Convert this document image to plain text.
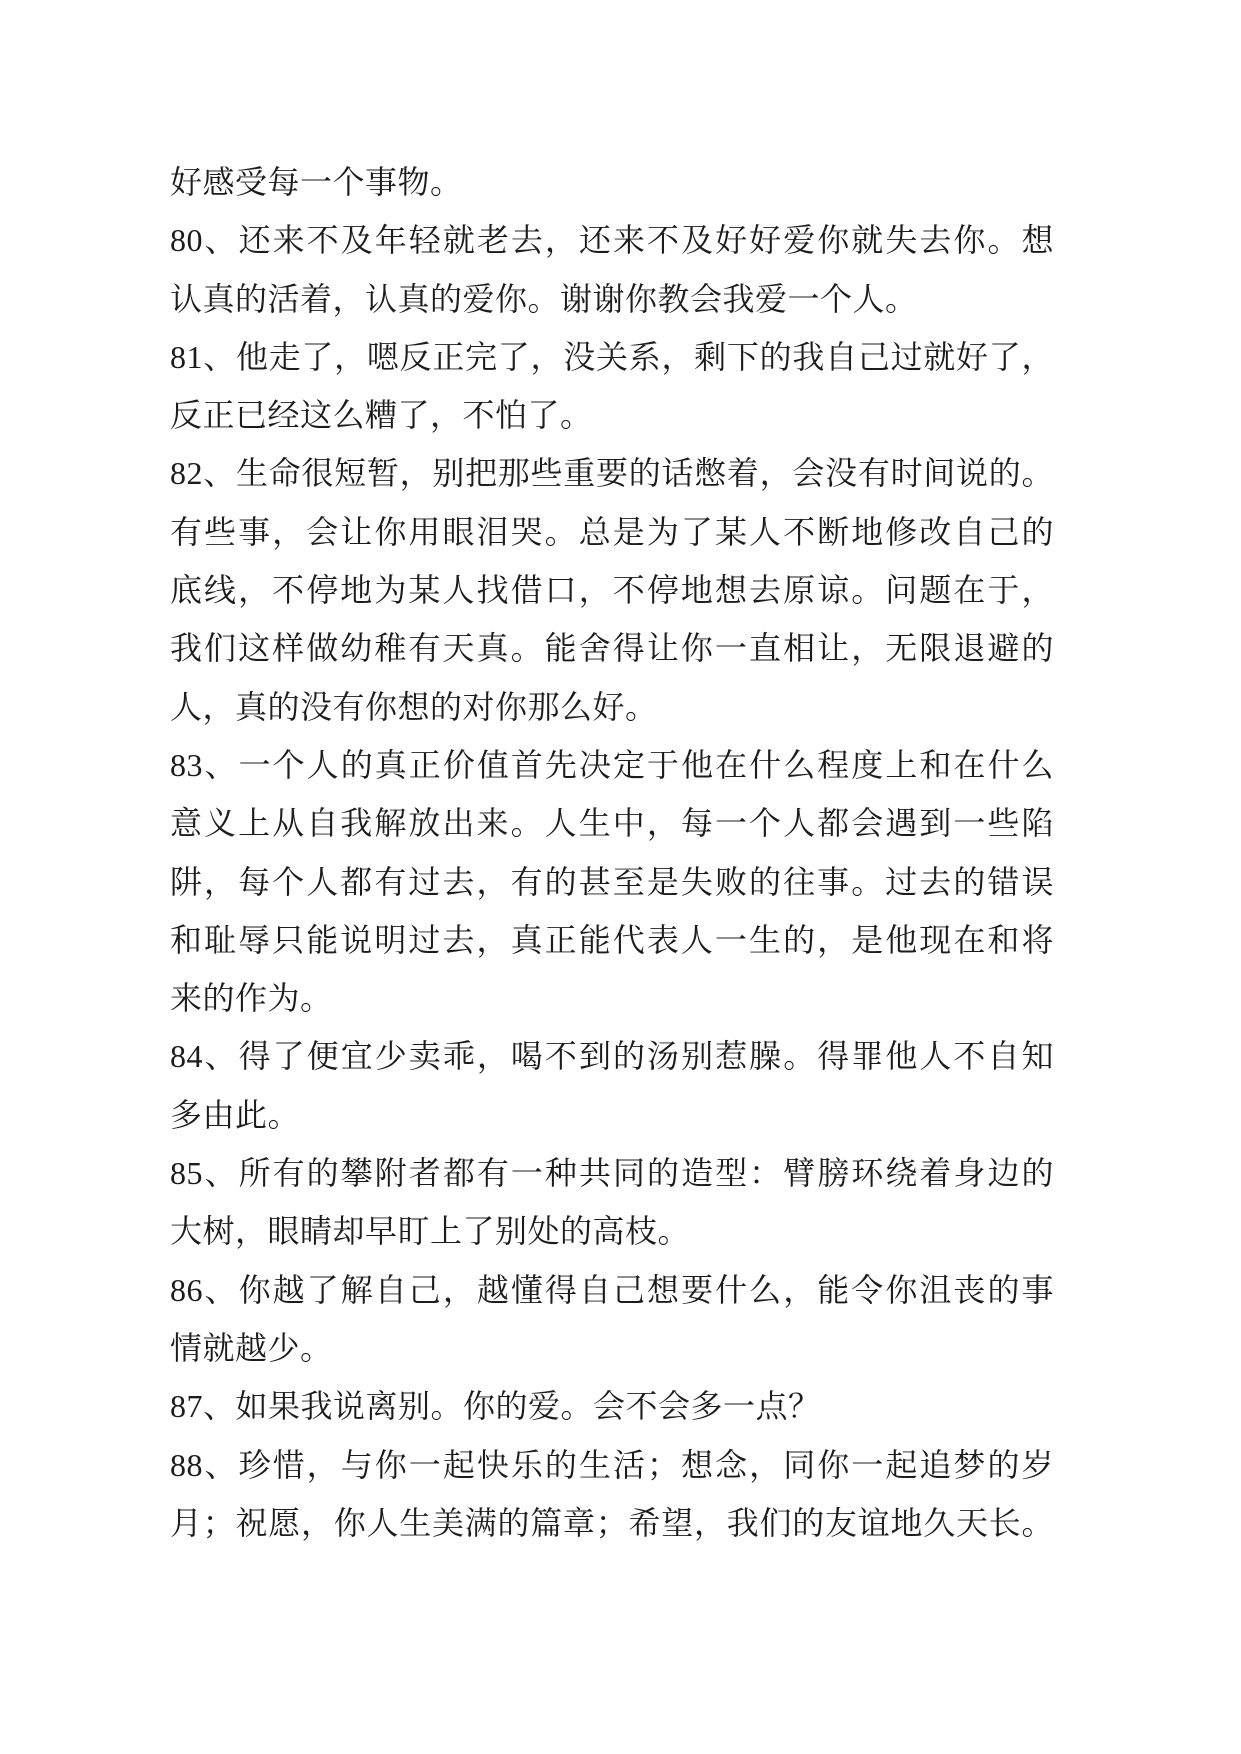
好感受每一个事物。
80、还来不及年轻就老去，还来不及好好爱你就失去你。想
认真的活着，认真的爱你。谢谢你教会我爱一个人。
81、他走了，嗯反正完了，没关系，剩下的我自己过就好了，
反正已经这么糟了，不怕了。
82、生命很短暂，别把那些重要的话憋着，会没有时间说的。
有些事，会让你用眼泪哭。总是为了某人不断地修改自己的
底线，不停地为某人找借口，不停地想去原谅。问题在于，
我们这样做幼稚有天真。能舍得让你一直相让，无限退避的
人，真的没有你想的对你那么好。
83、一个人的真正价值首先决定于他在什么程度上和在什么
意义上从自我解放出来。人生中，每一个人都会遇到一些陷
阱，每个人都有过去，有的甚至是失败的往事。过去的错误
和耻辱只能说明过去，真正能代表人一生的，是他现在和将
来的作为。
84、得了便宜少卖乖，喝不到的汤别惹臊。得罪他人不自知
多由此。
85、所有的攀附者都有一种共同的造型：臂膀环绕着身边的
大树，眼睛却早盯上了别处的高枝。
86、你越了解自己，越懂得自己想要什么，能令你沮丧的事
情就越少。
87、如果我说离别。你的爱。会不会多一点？
88、珍惜，与你一起快乐的生活；想念，同你一起追梦的岁
月；祝愿，你人生美满的篇章；希望，我们的友谊地久天长。
